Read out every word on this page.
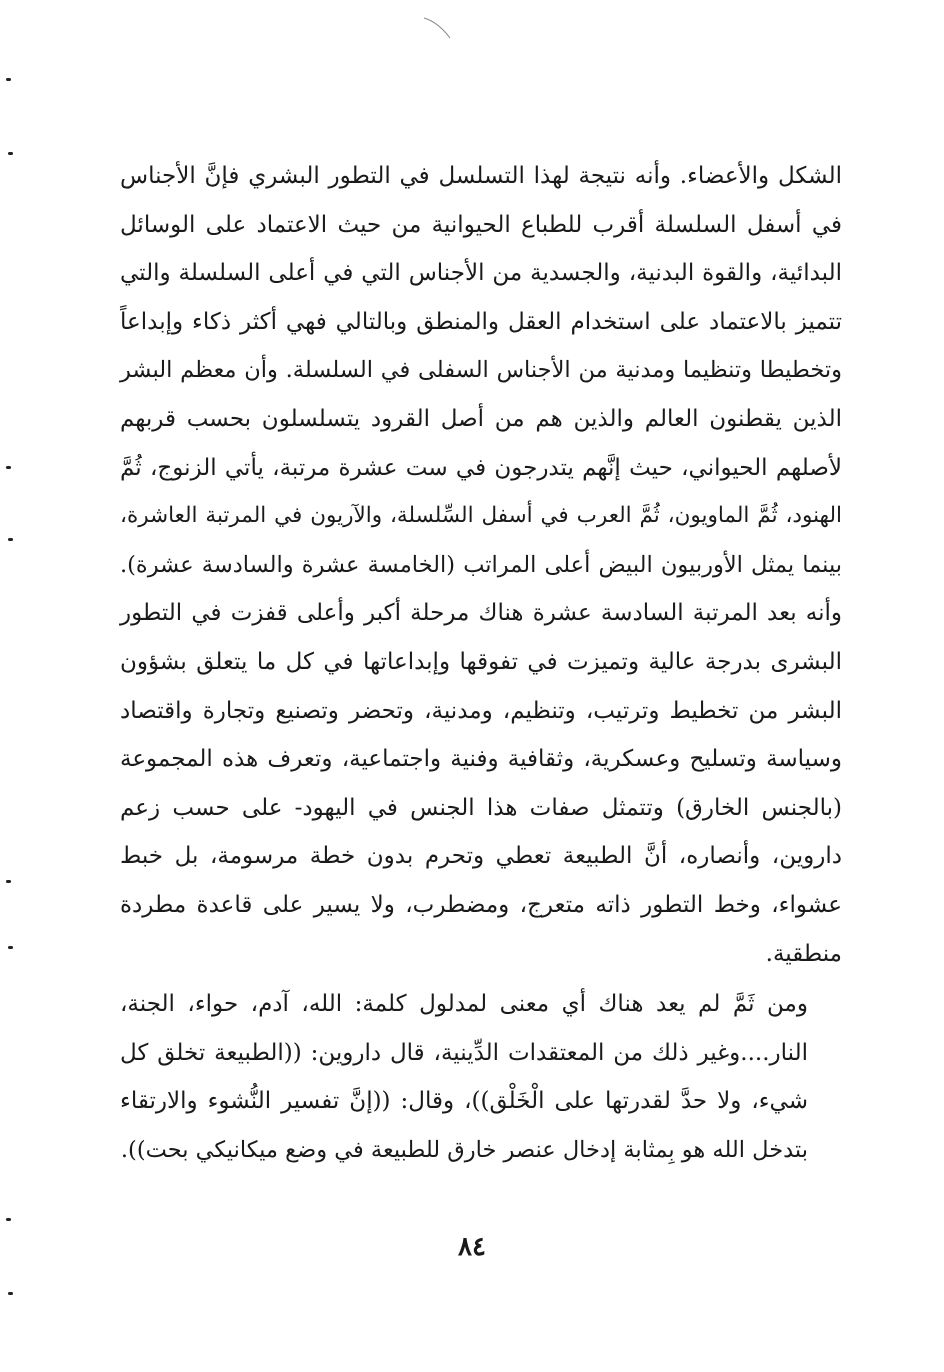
الشكل والأعضاء. وأنه نتيجة لهذا التسلسل في التطور البشري فإنَّ الأجناس
في أسفل السلسلة أقرب للطباع الحيوانية من حيث الاعتماد على الوسائل
البدائية، والقوة البدنية، والجسدية من الأجناس التي في أعلى السلسلة والتي
تتميز بالاعتماد على استخدام العقل والمنطق وبالتالي فهي أكثر ذكاء وإبداعاً
وتخطيطا وتنظيما ومدنية من الأجناس السفلى في السلسلة. وأن معظم البشر
الذين يقطنون العالم والذين هم من أصل القرود يتسلسلون بحسب قربهم
لأصلهم الحيواني، حيث إنَّهم يتدرجون في ست عشرة مرتبة، يأتي الزنوج، ثُمَّ
الهنود، ثُمَّ الماويون، ثُمَّ العرب في أسفل السِّلسلة، والآريون في المرتبة العاشرة،
بينما يمثل الأوربيون البيض أعلى المراتب (الخامسة عشرة والسادسة عشرة).
وأنه بعد المرتبة السادسة عشرة هناك مرحلة أكبر وأعلى قفزت في التطور
البشرى بدرجة عالية وتميزت في تفوقها وإبداعاتها في كل ما يتعلق بشؤون
البشر من تخطيط وترتيب، وتنظيم، ومدنية، وتحضر وتصنيع وتجارة واقتصاد
وسياسة وتسليح وعسكرية، وثقافية وفنية واجتماعية، وتعرف هذه المجموعة
(بالجنس الخارق) وتتمثل صفات هذا الجنس في اليهود- على حسب زعم
داروين، وأنصاره، أنَّ الطبيعة تعطي وتحرم بدون خطة مرسومة، بل خبط
عشواء، وخط التطور ذاته متعرج، ومضطرب، ولا يسير على قاعدة مطردة
منطقية.
ومن ثَمَّ لم يعد هناك أي معنى لمدلول كلمة: الله، آدم، حواء، الجنة،
النار....وغير ذلك من المعتقدات الدِّينية، قال داروين: ((الطبيعة تخلق كل
شيء، ولا حدَّ لقدرتها على الْخَلْق))، وقال: ((إنَّ تفسير النُّشوء والارتقاء
بتدخل الله هو بِمثابة إدخال عنصر خارق للطبيعة في وضع ميكانيكي بحت)).

٨٤
